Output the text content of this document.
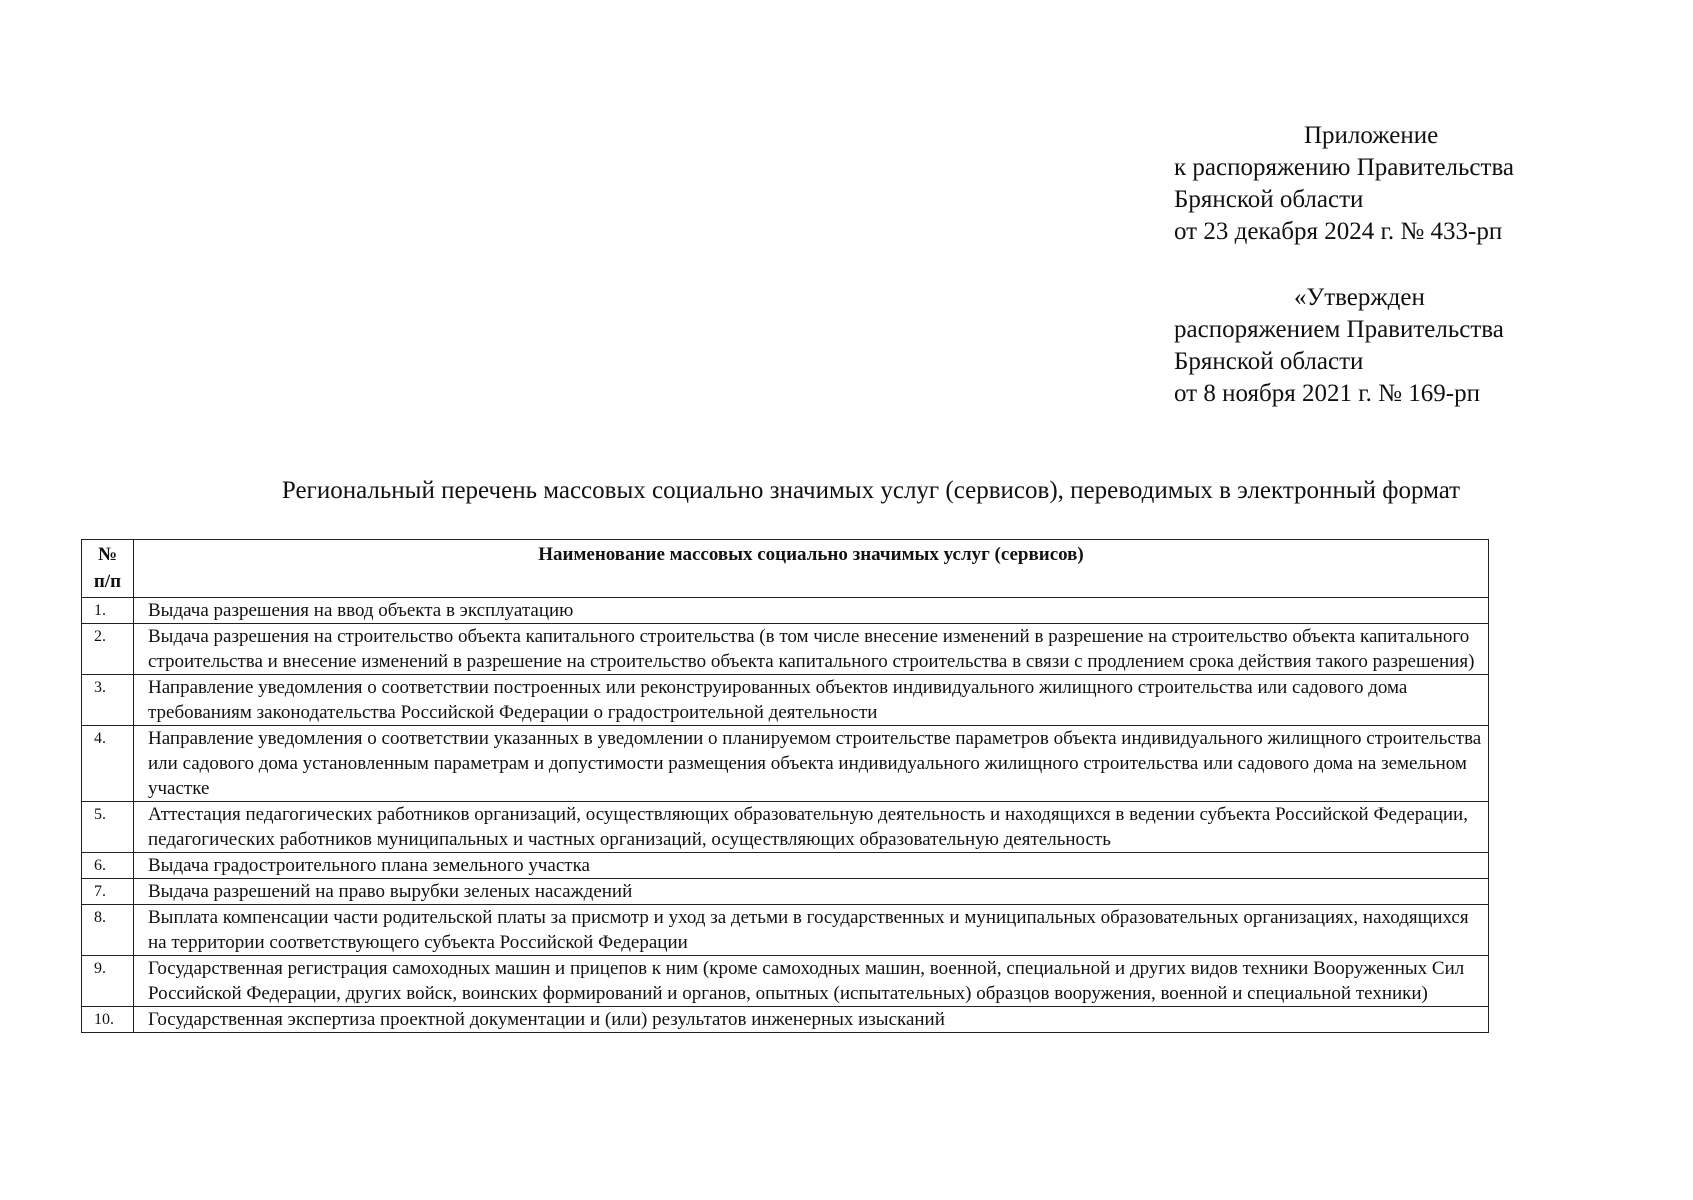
Приложение
к распоряжению Правительства
Брянской области
от 23 декабря 2024 г. № 433-рп
«Утвержден
распоряжением Правительства
Брянской области
от 8 ноября 2021 г. № 169-рп
Региональный перечень массовых социально значимых услуг (сервисов), переводимых в электронный формат
№
п/п	Наименование массовых социально значимых услуг (сервисов)
1.	Выдача разрешения на ввод объекта в эксплуатацию
2.	Выдача разрешения на строительство объекта капитального строительства (в том числе внесение изменений в разрешение на строительство объекта капитального строительства и внесение изменений в разрешение на строительство объекта капитального строительства в связи с продлением срока действия такого разрешения)
3.	Направление уведомления о соответствии построенных или реконструированных объектов индивидуального жилищного строительства или садового дома требованиям законодательства Российской Федерации о градостроительной деятельности
4.	Направление уведомления о соответствии указанных в уведомлении о планируемом строительстве параметров объекта индивидуального жилищного строительства или садового дома установленным параметрам и допустимости размещения объекта индивидуального жилищного строительства или садового дома на земельном участке
5.	Аттестация педагогических работников организаций, осуществляющих образовательную деятельность и находящихся в ведении субъекта Российской Федерации, педагогических работников муниципальных и частных организаций, осуществляющих образовательную деятельность
6.	Выдача градостроительного плана земельного участка
7.	Выдача разрешений на право вырубки зеленых насаждений
8.	Выплата компенсации части родительской платы за присмотр и уход за детьми в государственных и муниципальных образовательных организациях, находящихся на территории соответствующего субъекта Российской Федерации
9.	Государственная регистрация самоходных машин и прицепов к ним (кроме самоходных машин, военной, специальной и других видов техники Вооруженных Сил Российской Федерации, других войск, воинских формирований и органов, опытных (испытательных) образцов вооружения, военной и специальной техники)
10.	Государственная экспертиза проектной документации и (или) результатов инженерных изысканий
